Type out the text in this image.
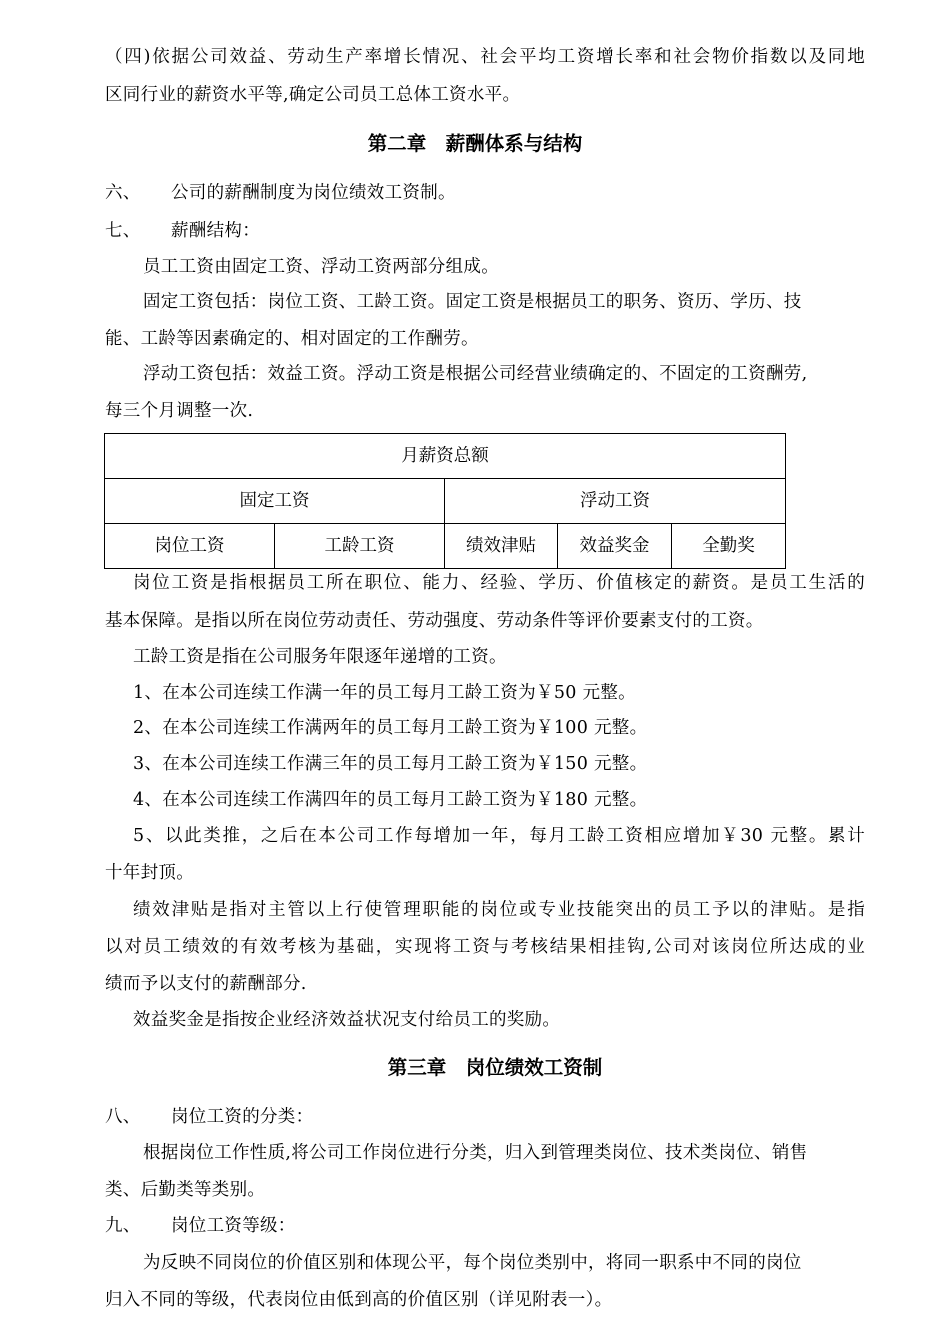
（四)依据公司效益、劳动生产率增长情况、社会平均工资增长率和社会物价指数以及同地
区同行业的薪资水平等,确定公司员工总体工资水平。
第二章　薪酬体系与结构
六、 公司的薪酬制度为岗位绩效工资制。
七、 薪酬结构：
员工工资由固定工资、浮动工资两部分组成。
固定工资包括：岗位工资、工龄工资。固定工资是根据员工的职务、资历、学历、技
能、工龄等因素确定的、相对固定的工作酬劳。
浮动工资包括：效益工资。浮动工资是根据公司经营业绩确定的、不固定的工资酬劳,
每三个月调整一次.
月薪资总额				
固定工资		浮动工资		
岗位工资	工龄工资	绩效津贴	效益奖金	全勤奖
岗位工资是指根据员工所在职位、能力、经验、学历、价值核定的薪资。是员工生活的
基本保障。是指以所在岗位劳动责任、劳动强度、劳动条件等评价要素支付的工资。
工龄工资是指在公司服务年限逐年递增的工资。
1、在本公司连续工作满一年的员工每月工龄工资为￥50 元整。
2、在本公司连续工作满两年的员工每月工龄工资为￥100 元整。
3、在本公司连续工作满三年的员工每月工龄工资为￥150 元整。
4、在本公司连续工作满四年的员工每月工龄工资为￥180 元整。
5、以此类推，之后在本公司工作每增加一年，每月工龄工资相应增加￥30 元整。累计
十年封顶。
绩效津贴是指对主管以上行使管理职能的岗位或专业技能突出的员工予以的津贴。是指
以对员工绩效的有效考核为基础，实现将工资与考核结果相挂钩,公司对该岗位所达成的业
绩而予以支付的薪酬部分.
效益奖金是指按企业经济效益状况支付给员工的奖励。
第三章　岗位绩效工资制
八、 岗位工资的分类：
根据岗位工作性质,将公司工作岗位进行分类，归入到管理类岗位、技术类岗位、销售
类、后勤类等类别。
九、 岗位工资等级：
为反映不同岗位的价值区别和体现公平，每个岗位类别中，将同一职系中不同的岗位
归入不同的等级，代表岗位由低到高的价值区别（详见附表一）。
